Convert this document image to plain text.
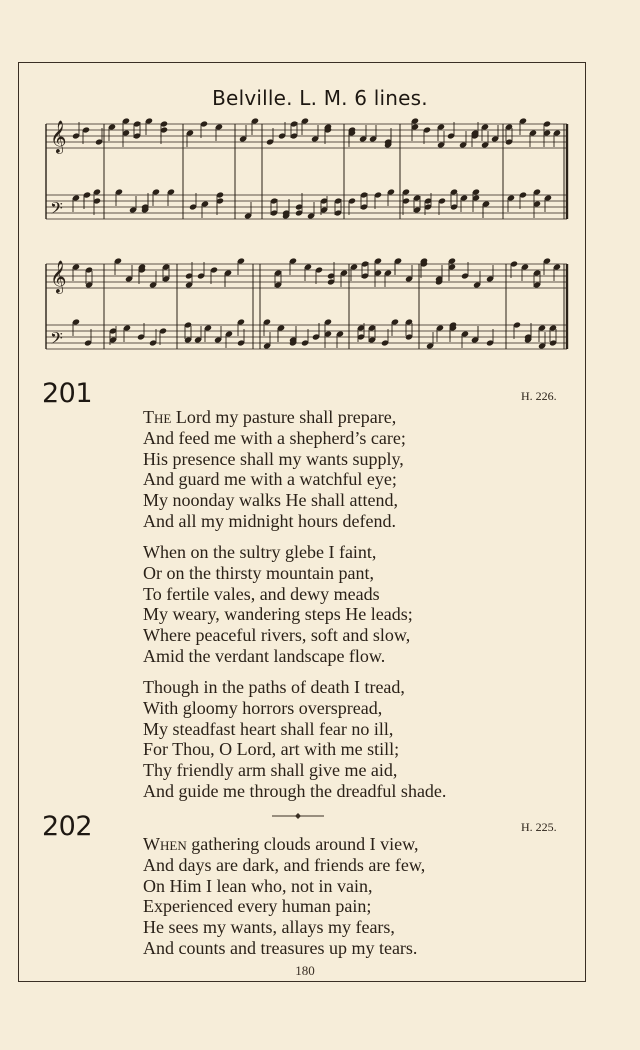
Belville. L. M. 6 lines.
𝄞
𝄢
𝄞
𝄢
201	H. 226.
The Lord my pasture shall prepare,
And feed me with a shepherd’s care;
His presence shall my wants supply,
And guard me with a watchful eye;
My noonday walks He shall attend,
And all my midnight hours defend.
When on the sultry glebe I faint,
Or on the thirsty mountain pant,
To fertile vales, and dewy meads
My weary, wandering steps He leads;
Where peaceful rivers, soft and slow,
Amid the verdant landscape flow.
Though in the paths of death I tread,
With gloomy horrors overspread,
My steadfast heart shall fear no ill,
For Thou, O Lord, art with me still;
Thy friendly arm shall give me aid,
And guide me through the dreadful shade.
202	H. 225.
When gathering clouds around I view,
And days are dark, and friends are few,
On Him I lean who, not in vain,
Experienced every human pain;
He sees my wants, allays my fears,
And counts and treasures up my tears.
180
